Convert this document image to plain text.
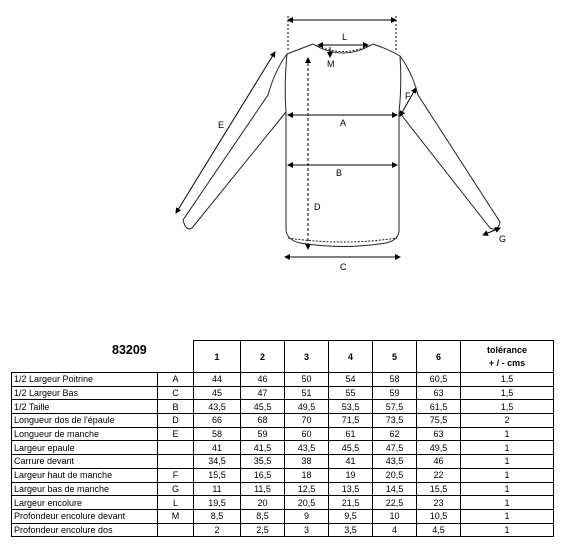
L
M
A
B
C
D
E
F
G
83209
		1	2	3	4	5	6	tolérance
+ / - cms

1/2 Largeur Poitrine	A	44	46	50	54	58	60,5	1,5
1/2 Largeur Bas	C	45	47	51	55	59	63	1,5
1/2 Taille	B	43,5	45,5	49,5	53,5	57,5	61,5	1,5
Longueur dos de l'épaule	D	66	68	70	71,5	73,5	75,5	2
Longueur de manche	E	58	59	60	61	62	63	1
Largeur epaule		41	41,5	43,5	45,5	47,5	49,5	1
Carrure devant		34,5	35,5	38	41	43,5	46	1
Largeur haut de manche	F	15,5	16,5	18	19	20,5	22	1
Largeur bas de manche	G	11	11,5	12,5	13,5	14,5	15,5	1
Largeur encolure	L	19,5	20	20,5	21,5	22,5	23	1
Profondeur encolure devant	M	8,5	8,5	9	9,5	10	10,5	1
Profondeur encolure dos		2	2,5	3	3,5	4	4,5	1
